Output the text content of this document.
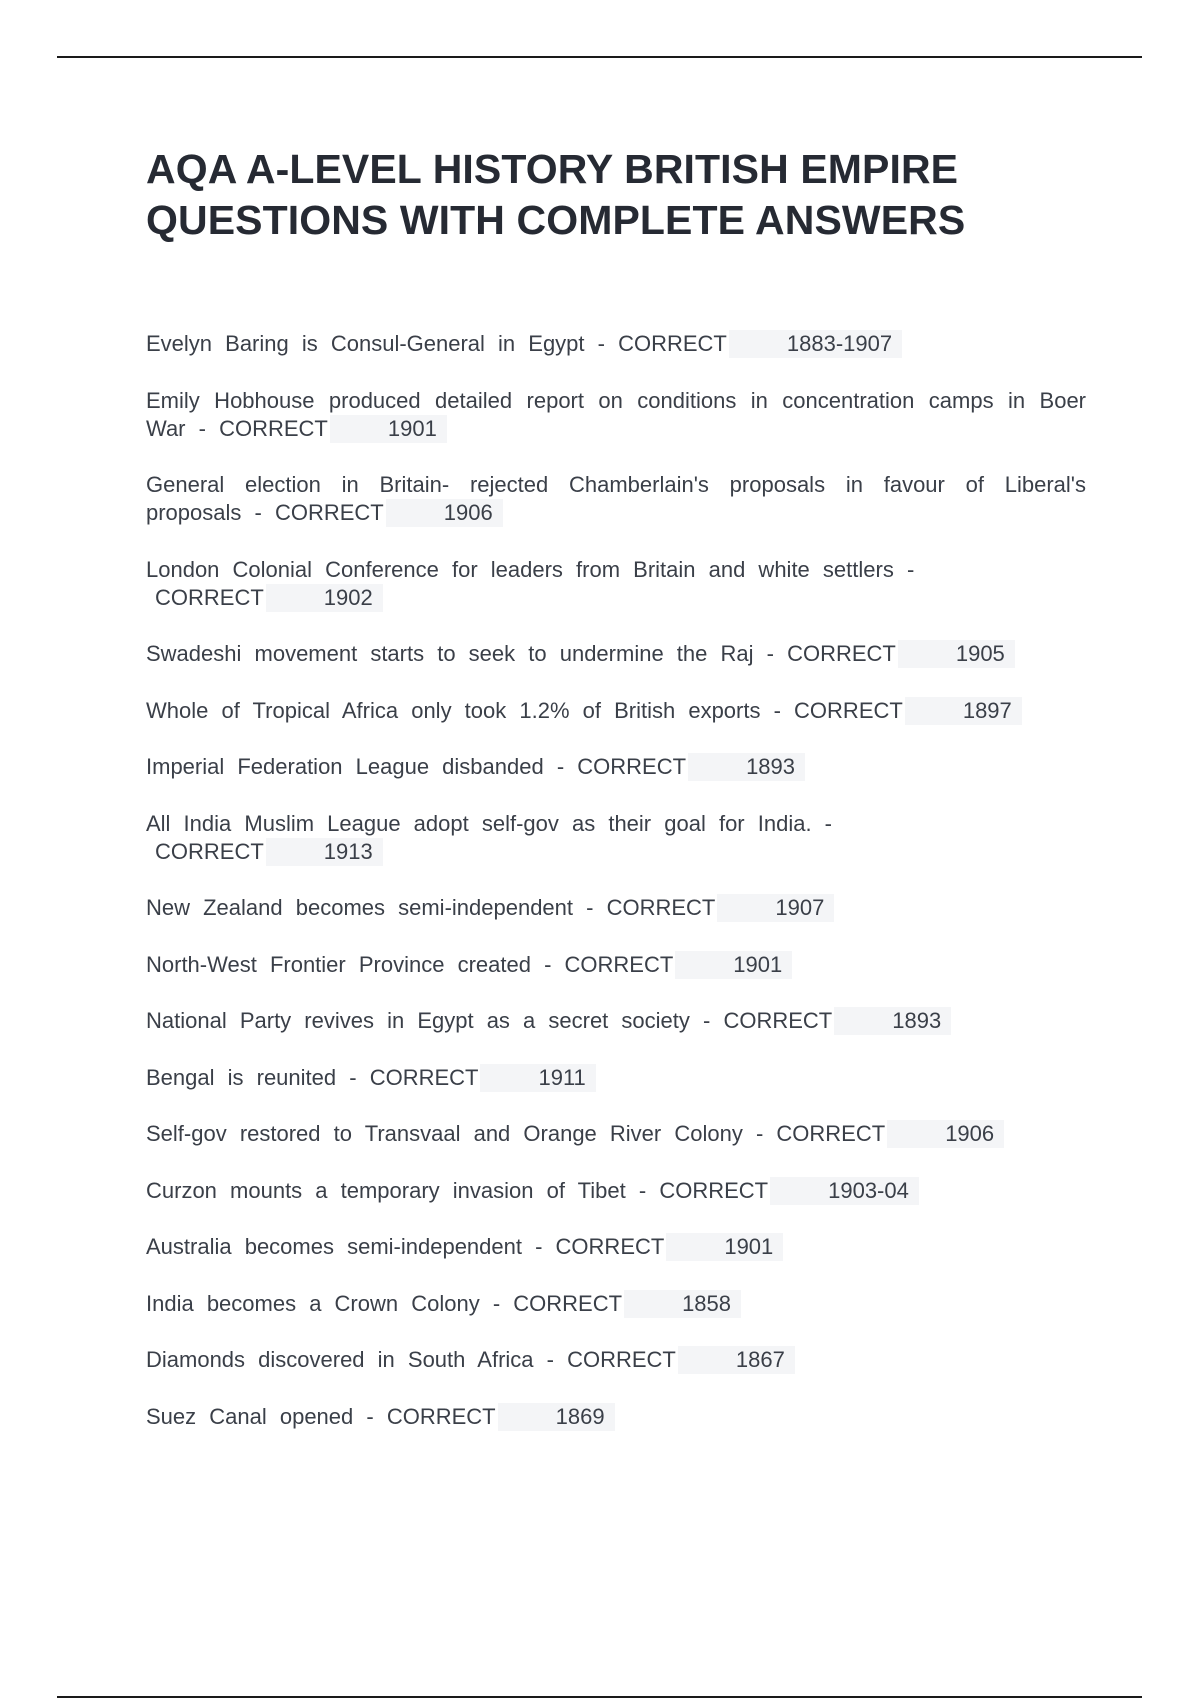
AQA A-LEVEL HISTORY BRITISH EMPIRE
QUESTIONS WITH COMPLETE ANSWERS
Evelyn Baring is Consul-General in Egypt - CORRECT	1883-1907
Emily Hobhouse produced detailed report on conditions in concentration camps in Boer War - CORRECT	1901
General election in Britain- rejected Chamberlain's proposals in favour of Liberal's proposals - CORRECT	1906
London Colonial Conference for leaders from Britain and white settlers -
CORRECT	1902
Swadeshi movement starts to seek to undermine the Raj - CORRECT	1905
Whole of Tropical Africa only took 1.2% of British exports - CORRECT	1897
Imperial Federation League disbanded - CORRECT	1893
All India Muslim League adopt self-gov as their goal for India. -
CORRECT	1913
New Zealand becomes semi-independent - CORRECT	1907
North-West Frontier Province created - CORRECT	1901
National Party revives in Egypt as a secret society - CORRECT	1893
Bengal is reunited - CORRECT	1911
Self-gov restored to Transvaal and Orange River Colony - CORRECT	1906
Curzon mounts a temporary invasion of Tibet - CORRECT	1903-04
Australia becomes semi-independent - CORRECT	1901
India becomes a Crown Colony - CORRECT	1858
Diamonds discovered in South Africa - CORRECT	1867
Suez Canal opened - CORRECT	1869
